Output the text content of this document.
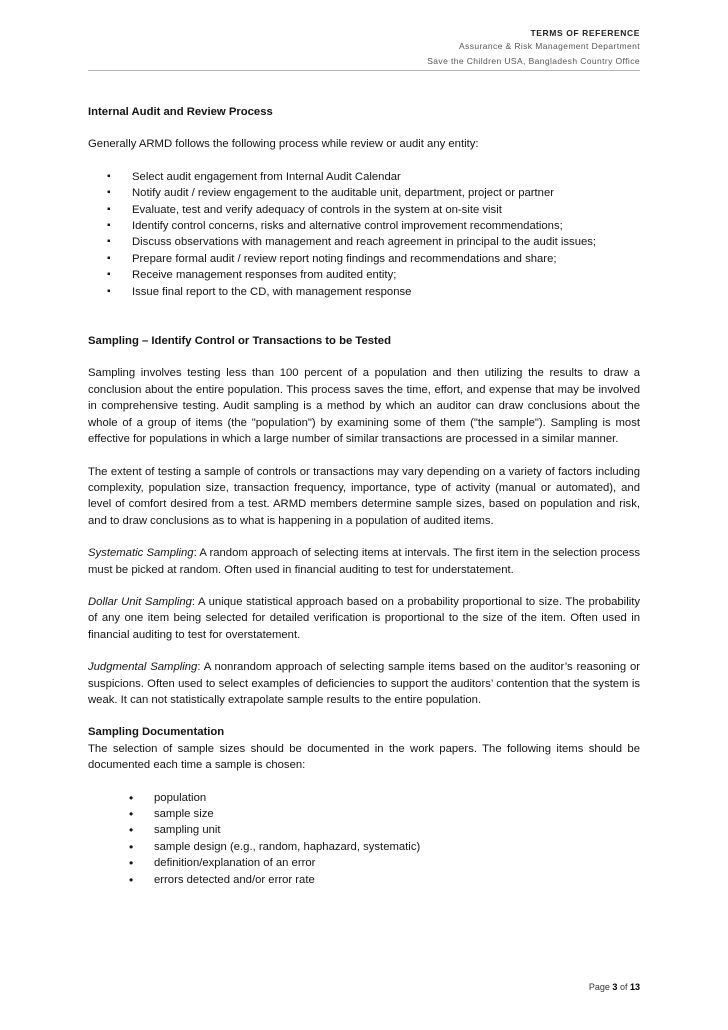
TERMS OF REFERENCE
Assurance & Risk Management Department
Save the Children USA, Bangladesh Country Office
Internal Audit and Review Process

Generally ARMD follows the following process while review or audit any entity:

▪ Select audit engagement from Internal Audit Calendar
▪ Notify audit / review engagement to the auditable unit, department, project or partner
▪ Evaluate, test and verify adequacy of controls in the system at on-site visit
▪ Identify control concerns, risks and alternative control improvement recommendations;
▪ Discuss observations with management and reach agreement in principal to the audit issues;
▪ Prepare formal audit / review report noting findings and recommendations and share;
▪ Receive management responses from audited entity;
▪ Issue final report to the CD, with management response
Sampling – Identify Control or Transactions to be Tested

Sampling involves testing less than 100 percent of a population and then utilizing the results to draw a conclusion about the entire population. This process saves the time, effort, and expense that may be involved in comprehensive testing. Audit sampling is a method by which an auditor can draw conclusions about the whole of a group of items (the "population") by examining some of them ("the sample"). Sampling is most effective for populations in which a large number of similar transactions are processed in a similar manner.

The extent of testing a sample of controls or transactions may vary depending on a variety of factors including complexity, population size, transaction frequency, importance, type of activity (manual or automated), and level of comfort desired from a test. ARMD members determine sample sizes, based on population and risk, and to draw conclusions as to what is happening in a population of audited items.

Systematic Sampling: A random approach of selecting items at intervals. The first item in the selection process must be picked at random. Often used in financial auditing to test for understatement.

Dollar Unit Sampling: A unique statistical approach based on a probability proportional to size. The probability of any one item being selected for detailed verification is proportional to the size of the item. Often used in financial auditing to test for overstatement.

Judgmental Sampling: A nonrandom approach of selecting sample items based on the auditor’s reasoning or suspicions. Often used to select examples of deficiencies to support the auditors’ contention that the system is weak. It can not statistically extrapolate sample results to the entire population.

Sampling Documentation

The selection of sample sizes should be documented in the work papers. The following items should be documented each time a sample is chosen:

• population
• sample size
• sampling unit
• sample design (e.g., random, haphazard, systematic)
• definition/explanation of an error
• errors detected and/or error rate
Page 3 of 13
